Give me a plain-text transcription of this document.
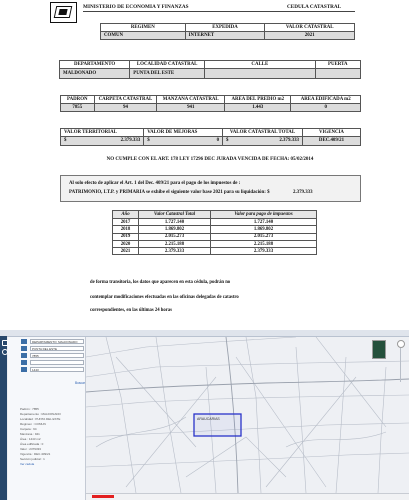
MINISTERIO DE ECONOMIA Y FINANZAS	CEDULA CATASTRAL
REGIMEN	EXPEDIDA	VALOR CATASTRAL
COMUN	INTERNET	2021
DEPARTAMENTO	LOCALIDAD CATASTRAL	CALLE	PUERTA
MALDONADO	PUNTA DEL ESTE		
PADRON	CARPETA CATASTRAL	MANZANA CATASTRAL	AREA DEL PREDIO m2	AREA EDIFICADA m2
7855	94	941	1.443	0
VALOR TERRITORIAL	VALOR DE MEJORAS	VALOR CATASTRAL TOTAL	VIGENCIA

$ 2.379.333	$ 0	$ 2.379.333	DEC.409/21
NO CUMPLE CON EL ART. 178 LEY 17296 DEC JURADA VENCIDA DE FECHA: 05/02/2014
Al solo efecto de aplicar el Art. 1 del Dec. 409/21 para el pago de los impuestos de :
PATRIMONIO, I.T.P. y PRIMARIA se exhibe el siguiente valor base 2021 para su liquidación: $	2.379.333
Año	Valor Catastral Total	Valor para pago de impuestos
2017	1.727.140	1.727.140
2018	1.869.802	1.869.802
2019	2.015.273	2.015.273
2020	2.215.188	2.215.188
2021	2.379.333	2.379.333
de forma transitoria, los datos que aparecen en esta cédula, podrán no
contemplar modificaciones efectuadas en las oficinas delegadas de catastro
correspondientes, en las últimas 24 horas
DEPARTAMENTO: MALDONADO
PUNTA DEL ESTE
7855
1443
Buscar
Padrón : 7855
Departamento : MALDONADO
Localidad : PUNTA DEL ESTE
Régimen : COMUN
Carpeta : 94
Manzana : 941
Área : 1443 m2
Área edificada : 0
Valor : 2379333
Vigencia : DEC.409/21
Sección judicial : 1
Ver cédula
ARAUCARIAS
